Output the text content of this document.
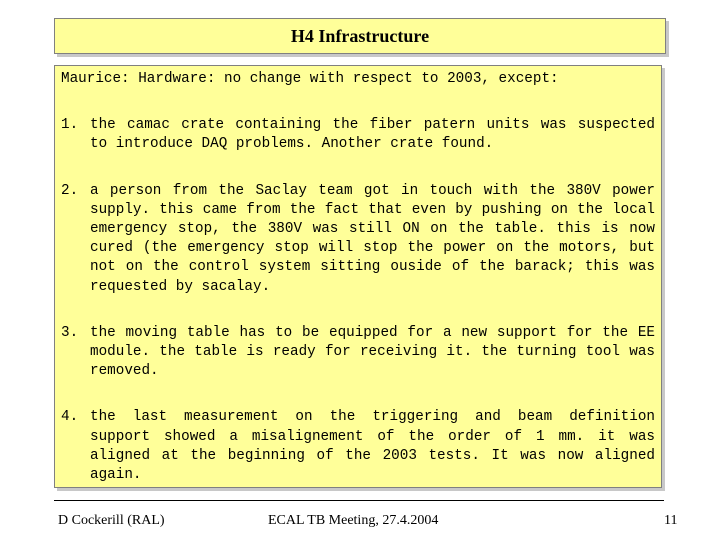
H4 Infrastructure
Maurice: Hardware: no change with respect to 2003, except:
1. the camac crate containing the fiber patern units was suspected to introduce DAQ problems. Another crate found.
2. a person from the Saclay team got in touch with the 380V power supply. this came from the fact that even by pushing on the local emergency stop, the 380V was still ON on the table. this is now cured (the emergency stop will stop the power on the motors, but not on the control system sitting ouside of the barack; this was requested by sacalay.
3. the moving table has to be equipped for a new support for the EE module. the table is ready for receiving it. the turning tool was removed.
4. the last measurement on the triggering and beam definition support showed a misalignement of the order of 1 mm. it was aligned at the beginning of the 2003 tests. It was now aligned again.
D Cockerill (RAL)	ECAL TB Meeting, 27.4.2004	11
